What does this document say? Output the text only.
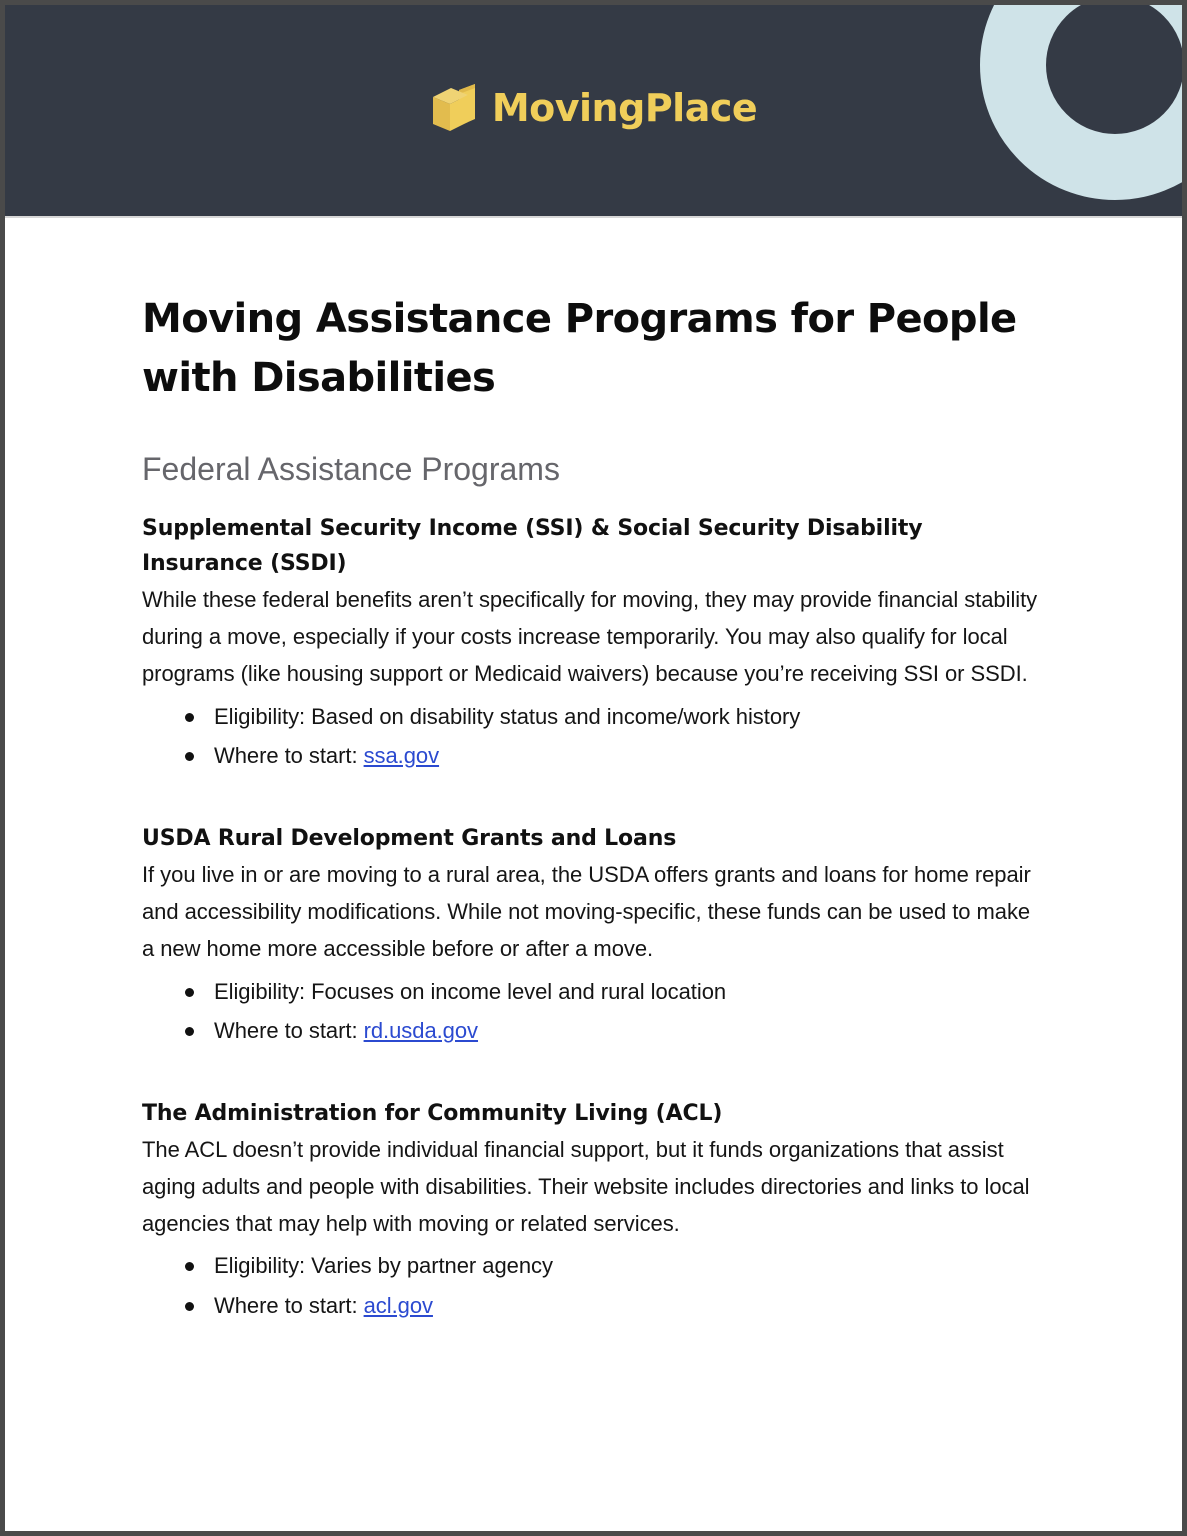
MovingPlace
Moving Assistance Programs for People with Disabilities
Federal Assistance Programs
Supplemental Security Income (SSI) & Social Security Disability Insurance (SSDI)
While these federal benefits aren’t specifically for moving, they may provide financial stability during a move, especially if your costs increase temporarily. You may also qualify for local programs (like housing support or Medicaid waivers) because you’re receiving SSI or SSDI.
Eligibility: Based on disability status and income/work history
Where to start: ssa.gov
USDA Rural Development Grants and Loans
If you live in or are moving to a rural area, the USDA offers grants and loans for home repair and accessibility modifications. While not moving-specific, these funds can be used to make a new home more accessible before or after a move.
Eligibility: Focuses on income level and rural location
Where to start: rd.usda.gov
The Administration for Community Living (ACL)
The ACL doesn’t provide individual financial support, but it funds organizations that assist aging adults and people with disabilities. Their website includes directories and links to local agencies that may help with moving or related services.
Eligibility: Varies by partner agency
Where to start: acl.gov
